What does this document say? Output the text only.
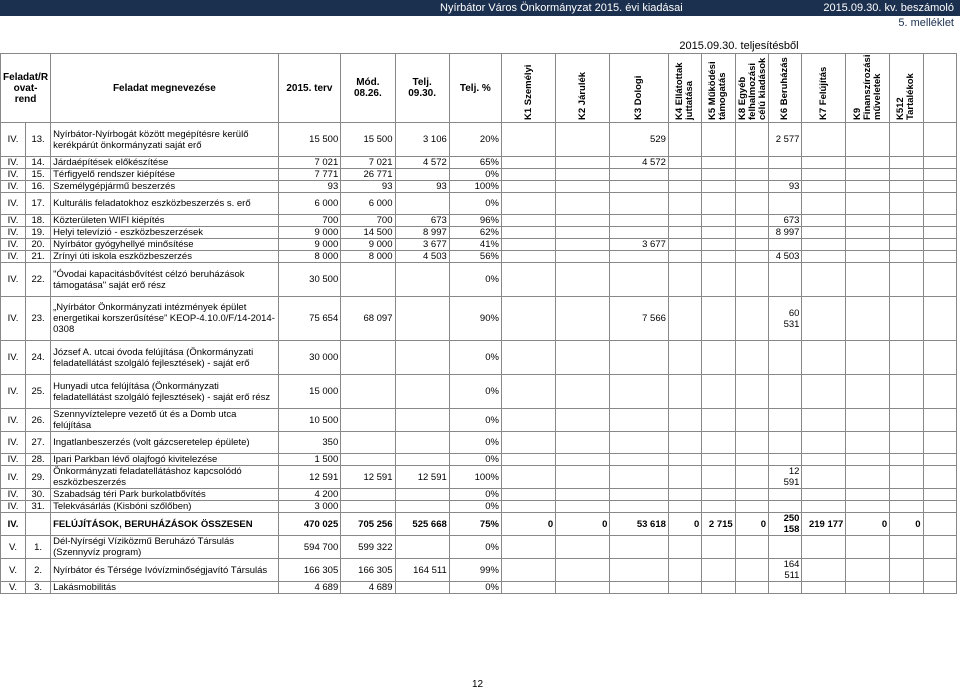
Nyírbátor Város Önkormányzat 2015. évi kiadásai	2015.09.30. kv. beszámoló
5. melléklet
2015.09.30. teljesítésből
Feladat/R ovat-rend		Feladat megnevezése	2015. terv	Mód. 08.26.	Telj. 09.30.	Telj. %	K1 Személyi	K2 Járulék	K3 Dologi	K4 Ellátottak juttatása	K5 Működési támogatás	K8 Egyéb felhalmozási célú kiadások	K6 Beruházás	K7 Felújítás	K9 Finanszírozási műveletek	K512 Tartalékok	

IV.	13.	Nyírbátor-Nyírbogát között megépítésre kerülő kerékpárút önkormányzati saját erő	15 500	15 500	3 106	20%			529				2 577				
IV.	14.	Járdaépítések előkészítése	7 021	7 021	4 572	65%			4 572								
IV.	15.	Térfigyelő rendszer kiépítése	7 771	26 771		0%											
IV.	16.	Személygépjármű beszerzés	93	93	93	100%							93				
IV.	17.	Kulturális feladatokhoz eszközbeszerzés s. erő	6 000	6 000		0%											
IV.	18.	Közterületen WIFI kiépítés	700	700	673	96%							673				
IV.	19.	Helyi televízió - eszközbeszerzések	9 000	14 500	8 997	62%							8 997				
IV.	20.	Nyírbátor gyógyhellyé minősítése	9 000	9 000	3 677	41%			3 677								
IV.	21.	Zrínyi úti iskola eszközbeszerzés	8 000	8 000	4 503	56%							4 503				
IV.	22.	"Óvodai kapacitásbővítést célzó beruházások támogatása" saját erő rész	30 500			0%											
IV.	23.	„Nyírbátor Önkormányzati intézmények épület energetikai korszerűsítése” KEOP-4.10.0/F/14-2014-0308	75 654	68 097		90%			7 566				60 531				
IV.	24.	József A. utcai óvoda felújítása (Önkormányzati feladatellátást szolgáló fejlesztések) - saját erő	30 000			0%											
IV.	25.	Hunyadi utca felújítása (Önkormányzati feladatellátást szolgáló fejlesztések) - saját erő rész	15 000			0%											
IV.	26.	Szennyvíztelepre vezető út és a Domb utca felújítása	10 500			0%											
IV.	27.	Ingatlanbeszerzés (volt gázcseretelep épülete)	350			0%											
IV.	28.	Ipari Parkban lévő olajfogó kivitelezése	1 500			0%											
IV.	29.	Önkormányzati feladatellátáshoz kapcsolódó eszközbeszerzés	12 591	12 591	12 591	100%							12 591				
IV.	30.	Szabadság téri Park burkolatbővítés	4 200			0%											
IV.	31.	Telekvásárlás (Kisbóni szőlőben)	3 000			0%											
IV.		FELÚJÍTÁSOK, BERUHÁZÁSOK ÖSSZESEN	470 025	705 256	525 668	75%	0	0	53 618	0	2 715	0	250 158	219 177	0	0	
V.	1.	Dél-Nyírségi Víziközmű Beruházó Társulás (Szennyvíz program)	594 700	599 322		0%											
V.	2.	Nyírbátor és Térsége Ivóvízminőségjavító Társulás	166 305	166 305	164 511	99%							164 511				
V.	3.	Lakásmobilitás	4 689	4 689		0%											
12
